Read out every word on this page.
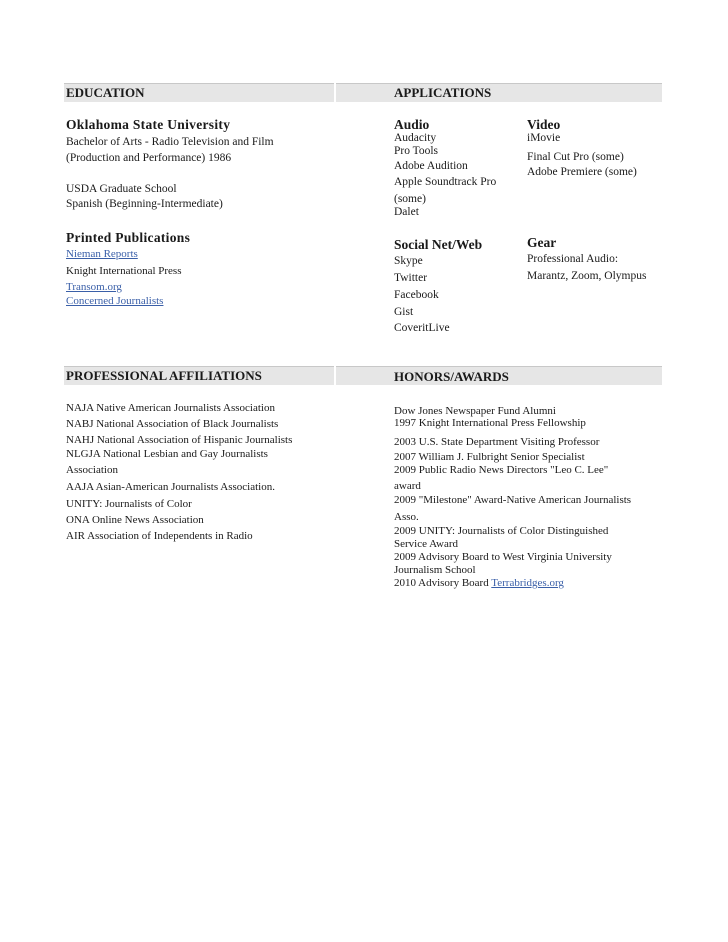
EDUCATION	APPLICATIONS
PROFESSIONAL AFFILIATIONS	HONORS/AWARDS
Oklahoma State University
Bachelor of Arts - Radio Television and Film
(Production and Performance) 1986
USDA Graduate School
Spanish (Beginning-Intermediate)
Printed Publications
Nieman Reports
Knight International Press
Transom.org
Concerned Journalists
Audio
Audacity
Pro Tools
Adobe Audition
Apple Soundtrack Pro
(some)
Dalet
Video
iMovie
Final Cut Pro (some)
Adobe Premiere (some)
Social Net/Web
Skype
Twitter
Facebook
Gist
CoveritLive
Gear
Professional Audio:
Marantz, Zoom, Olympus
NAJA Native American Journalists Association
NABJ National Association of Black Journalists
NAHJ National Association of Hispanic Journalists
NLGJA National Lesbian and Gay Journalists
Association
AAJA Asian-American Journalists Association.
UNITY: Journalists of Color
ONA Online News Association
AIR Association of Independents in Radio
Dow Jones Newspaper Fund Alumni
1997 Knight International Press Fellowship
2003 U.S. State Department Visiting Professor
2007 William J. Fulbright Senior Specialist
2009 Public Radio News Directors "Leo C. Lee"
award
2009 "Milestone" Award-Native American Journalists
Asso.
2009 UNITY: Journalists of Color Distinguished
Service Award
2009 Advisory Board to West Virginia University
Journalism School
2010 Advisory Board Terrabridges.org
